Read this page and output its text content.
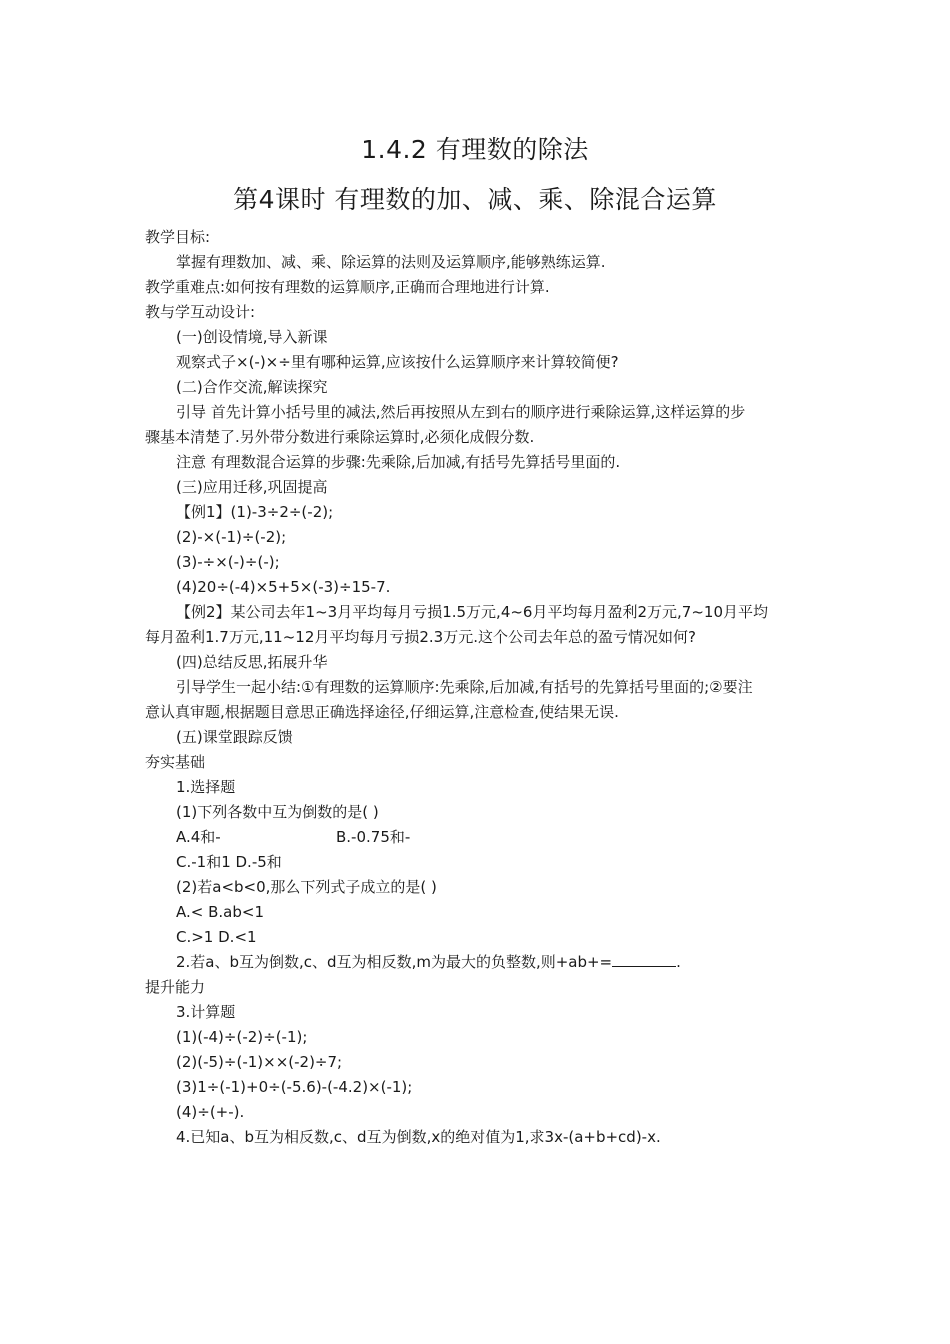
1.4.2 有理数的除法
第4课时 有理数的加、减、乘、除混合运算
教学目标:
掌握有理数加、减、乘、除运算的法则及运算顺序,能够熟练运算.
教学重难点:如何按有理数的运算顺序,正确而合理地进行计算.
教与学互动设计:
(一)创设情境,导入新课
观察式子×(-)×÷里有哪种运算,应该按什么运算顺序来计算较简便?
(二)合作交流,解读探究
引导 首先计算小括号里的减法,然后再按照从左到右的顺序进行乘除运算,这样运算的步
骤基本清楚了.另外带分数进行乘除运算时,必须化成假分数.
注意 有理数混合运算的步骤:先乘除,后加减,有括号先算括号里面的.
(三)应用迁移,巩固提高
【例1】(1)-3÷2÷(-2);
(2)-×(-1)÷(-2);
(3)-÷×(-)÷(-);
(4)20÷(-4)×5+5×(-3)÷15-7.
【例2】某公司去年1~3月平均每月亏损1.5万元,4~6月平均每月盈利2万元,7~10月平均
每月盈利1.7万元,11~12月平均每月亏损2.3万元.这个公司去年总的盈亏情况如何?
(四)总结反思,拓展升华
引导学生一起小结:①有理数的运算顺序:先乘除,后加减,有括号的先算括号里面的;②要注
意认真审题,根据题目意思正确选择途径,仔细运算,注意检查,使结果无误.
(五)课堂跟踪反馈
夯实基础
1.选择题
(1)下列各数中互为倒数的是( )
A.4和-	B.-0.75和-
C.-1和1 D.-5和
(2)若a<b<0,那么下列式子成立的是( )
A.< B.ab<1
C.>1 D.<1
2.若a、b互为倒数,c、d互为相反数,m为最大的负整数,则+ab+=	.
提升能力
3.计算题
(1)(-4)÷(-2)÷(-1);
(2)(-5)÷(-1)××(-2)÷7;
(3)1÷(-1)+0÷(-5.6)-(-4.2)×(-1);
(4)÷(+-).
4.已知a、b互为相反数,c、d互为倒数,x的绝对值为1,求3x-(a+b+cd)-x.
